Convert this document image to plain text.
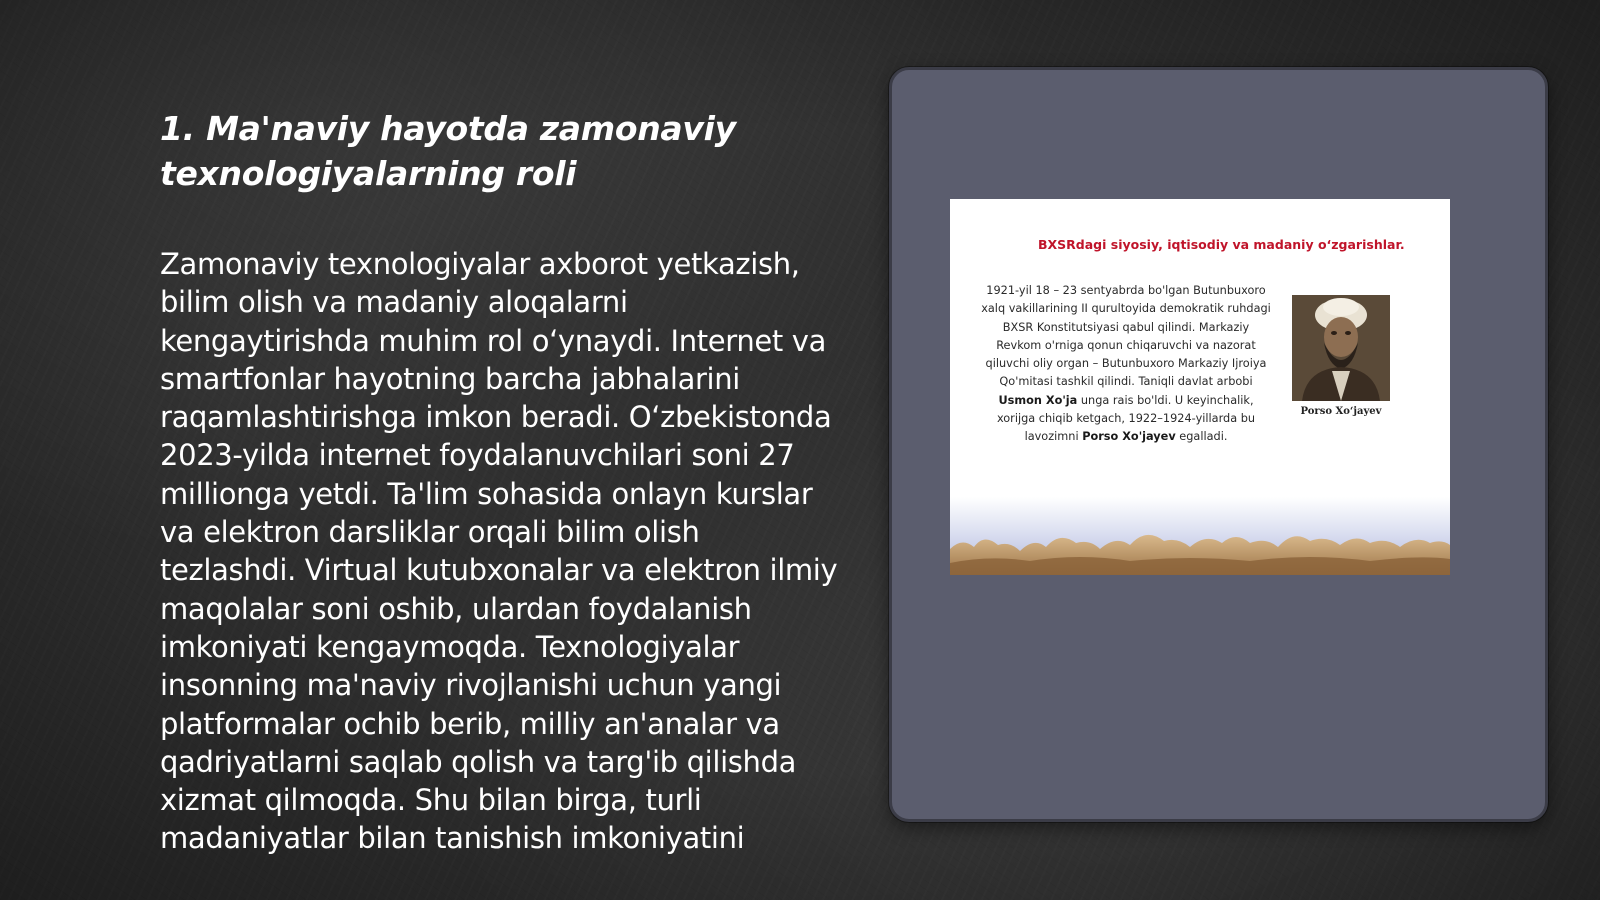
1. Ma'naviy hayotda zamonaviy texnologiyalarning roli

Zamonaviy texnologiyalar axborot yetkazish, bilim olish va madaniy aloqalarni kengaytirishda muhim rol o‘ynaydi. Internet va smartfonlar hayotning barcha jabhalarini raqamlashtirishga imkon beradi. O‘zbekistonda 2023-yilda internet foydalanuvchilari soni 27 millionga yetdi. Ta'lim sohasida onlayn kurslar va elektron darsliklar orqali bilim olish tezlashdi. Virtual kutubxonalar va elektron ilmiy maqolalar soni oshib, ulardan foydalanish imkoniyati kengaymoqda. Texnologiyalar insonning ma'naviy rivojlanishi uchun yangi platformalar ochib berib, milliy an'analar va qadriyatlarni saqlab qolish va targ'ib qilishda xizmat qilmoqda. Shu bilan birga, turli madaniyatlar bilan tanishish imkoniyatini

BXSRdagi siyosiy, iqtisodiy va madaniy o‘zgarishlar.

1921-yil 18 – 23 sentyabrda bo'lgan Butunbuxoro xalq vakillarining II qurultoyida demokratik ruhdagi BXSR Konstitutsiyasi qabul qilindi. Markaziy Revkom o'rniga qonun chiqaruvchi va nazorat qiluvchi oliy organ – Butunbuxoro Markaziy Ijroiya Qo'mitasi tashkil qilindi. Taniqli davlat arbobi Usmon Xo'ja unga rais bo'ldi. U keyinchalik, xorijga chiqib ketgach, 1922–1924-yillarda bu lavozimni Porso Xo'jayev egalladi.

Porso Xo‘jayev
